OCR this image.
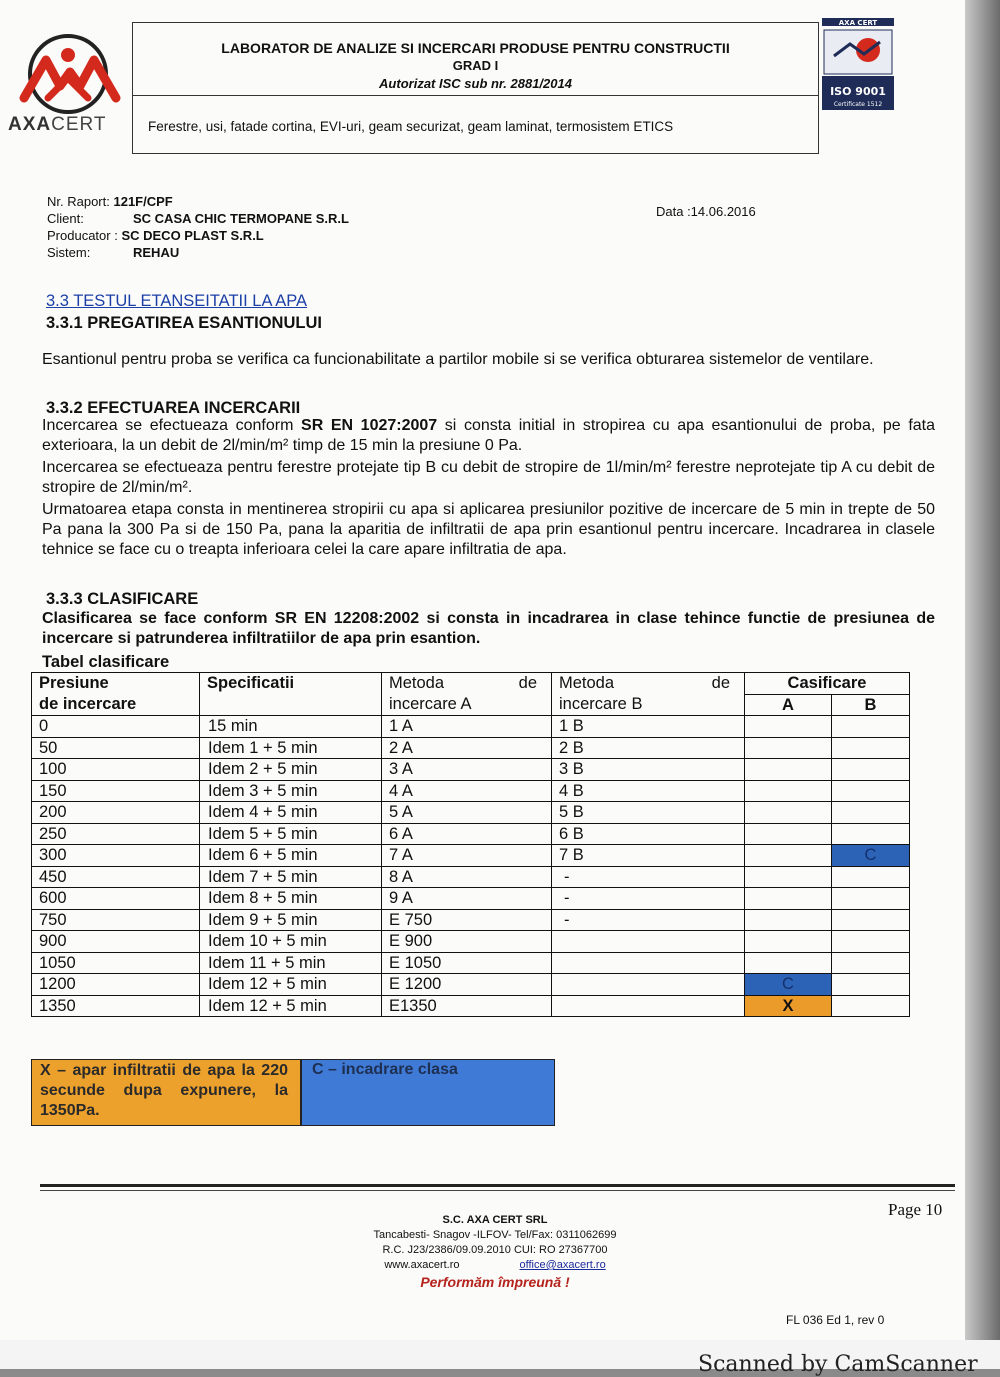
Scanned by CamScanner
AXACERT
LABORATOR DE ANALIZE SI INCERCARI PRODUSE PENTRU CONSTRUCTII
GRAD I
Autorizat ISC sub nr. 2881/2014
Ferestre, usi, fatade cortina, EVI-uri, geam securizat, geam laminat, termosistem ETICS
AXA CERT
ISO 9001
Certificate 1512
Nr. Raport: 121F/CPF
Client:	SC CASA CHIC TERMOPANE S.R.L
Producator : SC DECO PLAST S.R.L
Sistem:	REHAU
Data :14.06.2016
3.3 TESTUL ETANSEITATII LA APA
3.3.1 PREGATIREA ESANTIONULUI
Esantionul pentru proba se verifica ca funcionabilitate a partilor mobile si se verifica obturarea sistemelor de ventilare.
3.3.2 EFECTUAREA INCERCARII
Incercarea se efectueaza conform SR EN 1027:2007 si consta initial in stropirea cu apa esantionului de proba, pe fata exterioara, la un debit de 2l/min/m² timp de 15 min la presiune 0 Pa.
Incercarea se efectueaza pentru ferestre protejate tip B cu debit de stropire de 1l/min/m² ferestre neprotejate tip A cu debit de stropire de 2l/min/m².
Urmatoarea etapa consta in mentinerea stropirii cu apa si aplicarea presiunilor pozitive de incercare de 5 min in trepte de 50 Pa pana la 300 Pa si de 150 Pa, pana la aparitia de infiltratii de apa prin esantionul pentru incercare. Incadrarea in clasele tehnice se face cu o treapta inferioara celei la care apare infiltratia de apa.
3.3.3 CLASIFICARE
Clasificarea se face conform SR EN 12208:2002 si consta in incadrarea in clase tehince functie de presiunea de incercare si patrunderea infiltratiilor de apa prin esantion.
Tabel clasificare
Presiune
de incercare	Specificatii	Metoda de
incercare A	Metoda de
incercare B	Casificare	
				A	B
0	15 min	1 A	1 B		
50	Idem 1 + 5 min	2 A	2 B		
100	Idem 2 + 5 min	3 A	3 B		
150	Idem 3 + 5 min	4 A	4 B		
200	Idem 4 + 5 min	5 A	5 B		
250	Idem 5 + 5 min	6 A	6 B		
300	Idem 6 + 5 min	7 A	7 B		C
450	Idem 7 + 5 min	8 A	-		
600	Idem 8 + 5 min	9 A	-		
750	Idem 9 + 5 min	E 750	-		
900	Idem 10 + 5 min	E 900			
1050	Idem 11 + 5 min	E 1050			
1200	Idem 12 + 5 min	E 1200		C	
1350	Idem 12 + 5 min	E1350		X	
X – apar infiltratii de apa la 220 secunde dupa expunere, la 1350Pa.
C – incadrare clasa
S.C. AXA CERT SRL
Tancabesti- Snagov -ILFOV- Tel/Fax: 0311062699
R.C. J23/2386/09.09.2010 CUI: RO 27367700
www.axacert.ro	office@axacert.ro
Performăm împreună !
Page 10
FL 036 Ed 1, rev 0
